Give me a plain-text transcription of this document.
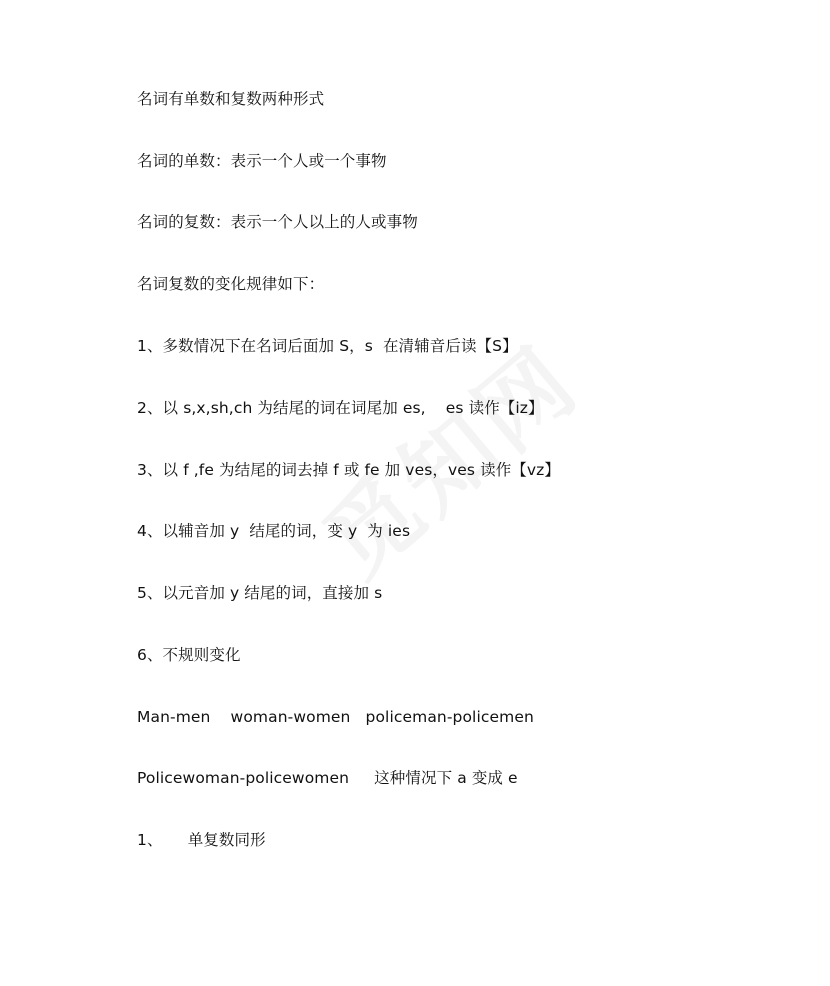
名词有单数和复数两种形式
名词的单数：表示一个人或一个事物
名词的复数：表示一个人以上的人或事物
名词复数的变化规律如下：
1、多数情况下在名词后面加 S，s  在清辅音后读【S】
2、以 s,x,sh,ch 为结尾的词在词尾加 es,    es 读作【iz】
3、以 f ,fe 为结尾的词去掉 f 或 fe 加 ves，ves 读作【vz】
4、以辅音加 y  结尾的词，变 y  为 ies
5、以元音加 y 结尾的词，直接加 s
6、不规则变化
Man-men    woman-women   policeman-policemen
Policewoman-policewomen     这种情况下 a 变成 e
1、     单复数同形
